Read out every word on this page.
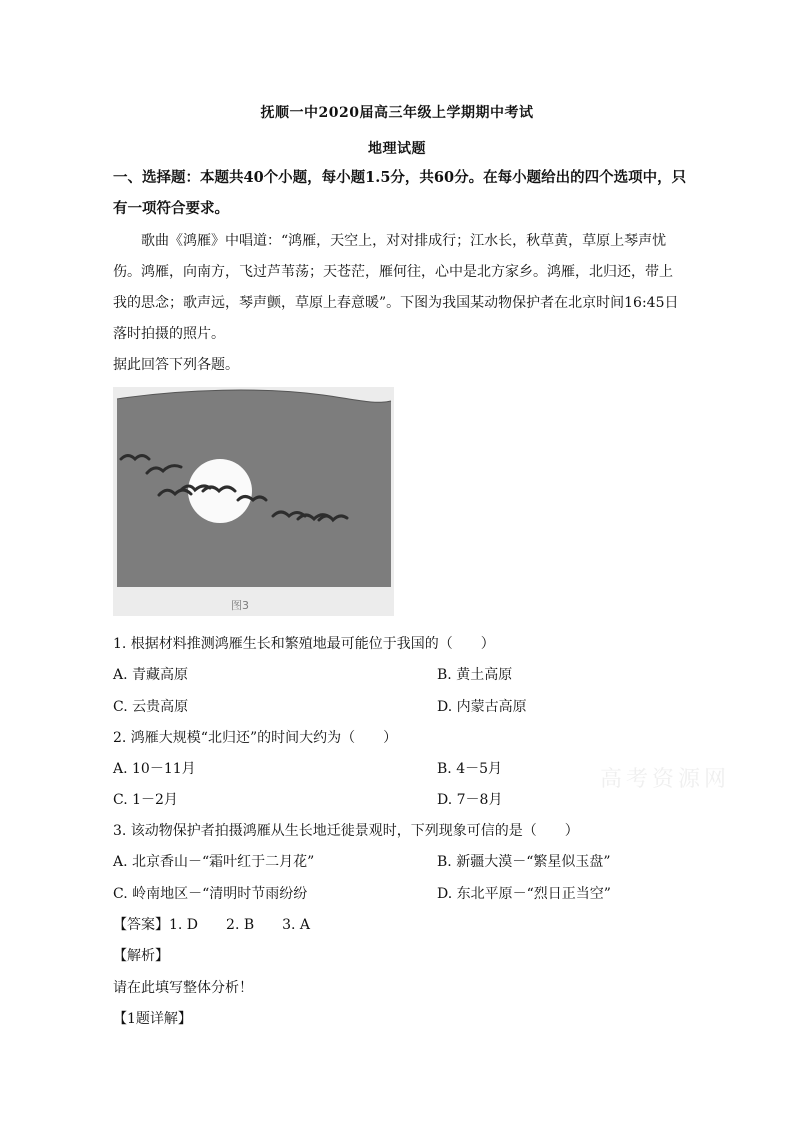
抚顺一中2020届高三年级上学期期中考试
地理试题
一、选择题：本题共40个小题，每小题1.5分，共60分。在每小题给出的四个选项中，只
有一项符合要求。
　　歌曲《鸿雁》中唱道：“鸿雁，天空上，对对排成行；江水长，秋草黄，草原上琴声忧
伤。鸿雁，向南方，飞过芦苇荡；天苍茫，雁何往，心中是北方家乡。鸿雁，北归还，带上
我的思念；歌声远，琴声颤，草原上春意暖”。下图为我国某动物保护者在北京时间16:45日
落时拍摄的照片。
据此回答下列各题。
图3
1. 根据材料推测鸿雁生长和繁殖地最可能位于我国的（　　）
A. 青藏高原	B. 黄土高原
C. 云贵高原	D. 内蒙古高原
2. 鸿雁大规模“北归还”的时间大约为（　　）
A. 10－11月	B. 4－5月
C. 1－2月	D. 7－8月
3. 该动物保护者拍摄鸿雁从生长地迁徙景观时，下列现象可信的是（　　）
A. 北京香山－“霜叶红于二月花”	B. 新疆大漠－“繁星似玉盘”
C. 岭南地区－“清明时节雨纷纷	D. 东北平原－“烈日正当空”
【答案】1. D　　2. B　　3. A
【解析】
请在此填写整体分析！
【1题详解】
高考资源网
